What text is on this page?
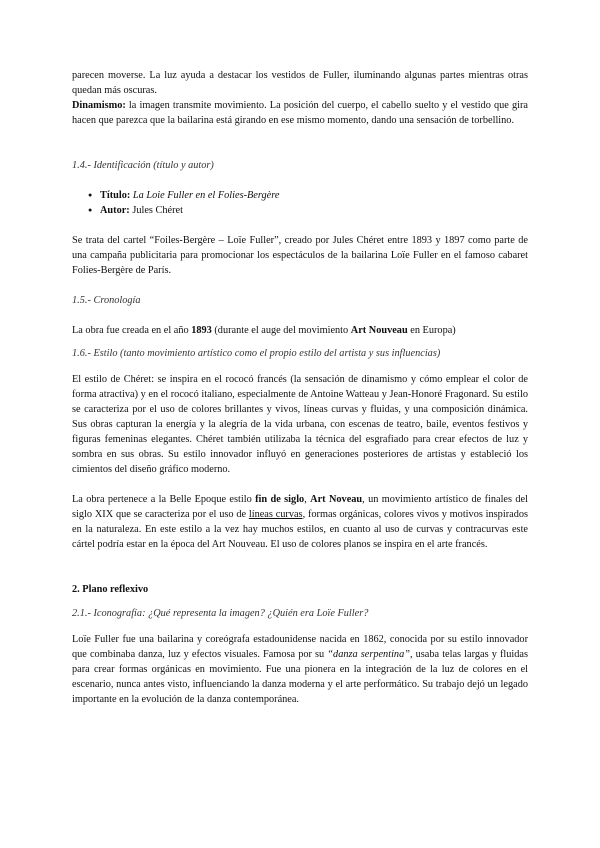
parecen moverse. La luz ayuda a destacar los vestidos de Fuller, iluminando algunas partes mientras otras quedan más oscuras.

Dinamismo: la imagen transmite movimiento. La posición del cuerpo, el cabello suelto y el vestido que gira hacen que parezca que la bailarina está girando en ese mismo momento, dando una sensación de torbellino.

1.4.- Identificación (título y autor)

● Título: La Loie Fuller en el Folies-Bergère
● Autor: Jules Chéret

Se trata del cartel “Foiles-Bergère – Loïe Fuller”, creado por Jules Chéret entre 1893 y 1897 como parte de una campaña publicitaria para promocionar los espectáculos de la bailarina Loïe Fuller en el famoso cabaret Folies-Bergère de París.

1.5.- Cronología

La obra fue creada en el año 1893 (durante el auge del movimiento Art Nouveau en Europa)

1.6.- Estilo (tanto movimiento artístico como el propio estilo del artista y sus influencias)

El estilo de Chéret: se inspira en el rococó francés (la sensación de dinamismo y cómo emplear el color de forma atractiva) y en el rococó italiano, especialmente de Antoine Watteau y Jean-Honoré Fragonard. Su estilo se caracteriza por el uso de colores brillantes y vivos, líneas curvas y fluidas, y una composición dinámica. Sus obras capturan la energía y la alegría de la vida urbana, con escenas de teatro, baile, eventos festivos y figuras femeninas elegantes. Chéret también utilizaba la técnica del esgrafiado para crear efectos de luz y sombra en sus obras. Su estilo innovador influyó en generaciones posteriores de artistas y estableció los cimientos del diseño gráfico moderno.

La obra pertenece a la Belle Epoque estilo fin de siglo, Art Noveau, un movimiento artístico de finales del siglo XIX que se caracteriza por el uso de líneas curvas, formas orgánicas, colores vivos y motivos inspirados en la naturaleza. En este estilo a la vez hay muchos estilos, en cuanto al uso de curvas y contracurvas este cártel podría estar en la época del Art Nouveau. El uso de colores planos se inspira en el arte francés.

2. Plano reflexivo

2.1.- Iconografía: ¿Qué representa la imagen? ¿Quién era Loïe Fuller?

Loïe Fuller fue una bailarina y coreógrafa estadounidense nacida en 1862, conocida por su estilo innovador que combinaba danza, luz y efectos visuales. Famosa por su “danza serpentina”, usaba telas largas y fluidas para crear formas orgánicas en movimiento. Fue una pionera en la integración de la luz de colores en el escenario, nunca antes visto, influenciando la danza moderna y el arte performático. Su trabajo dejó un legado importante en la evolución de la danza contemporánea.
